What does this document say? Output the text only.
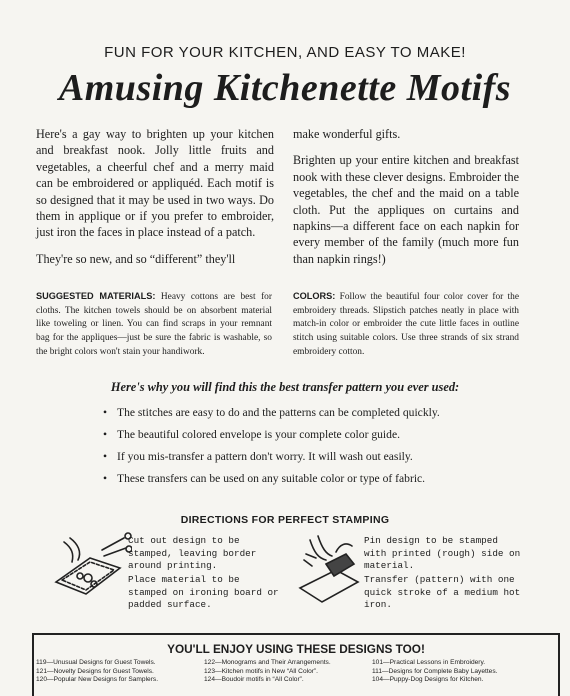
FUN FOR YOUR KITCHEN, AND EASY TO MAKE!
Amusing Kitchenette Motifs

Here's a gay way to brighten up your kitchen and breakfast nook. Jolly little fruits and vegetables, a cheerful chef and a merry maid can be embroidered or appliquéd. Each motif is so designed that it may be used in two ways. Do them in applique or if you prefer to embroider, just iron the faces in place instead of a patch.

They're so new, and so “different” they'll

make wonderful gifts.

Brighten up your entire kitchen and breakfast nook with these clever designs. Embroider the vegetables, the chef and the maid on a table cloth. Put the appliques on curtains and napkins—a different face on each napkin for every member of the family (much more fun than napkin rings!)

SUGGESTED MATERIALS: Heavy cottons are best for cloths. The kitchen towels should be on absorbent material like toweling or linen. You can find scraps in your remnant bag for the appliques—just be sure the fabric is washable, so the bright colors won't stain your handiwork.
COLORS: Follow the beautiful four color cover for the embroidery threads. Slipstich patches neatly in place with match-in color or embroider the cute little faces in outline stitch using suitable colors. Use three strands of six strand embroidery cotton.
Here's why you will find this the best transfer pattern you ever used:
• The stitches are easy to do and the patterns can be completed quickly.
• The beautiful colored envelope is your complete color guide.
• If you mis-transfer a pattern don't worry. It will wash out easily.
• These transfers can be used on any suitable color or type of fabric.
DIRECTIONS FOR PERFECT STAMPING
Cut out design to be stamped, leaving border around printing.
Place material to be stamped on ironing board or padded surface.
Pin design to be stamped with printed (rough) side on material.
Transfer (pattern) with one quick stroke of a medium hot iron.
YOU'LL ENJOY USING THESE DESIGNS TOO!
119—Unusual Designs for Guest Towels.
121—Novelty Designs for Guest Towels.
120—Popular New Designs for Samplers.
122—Monograms and Their Arrangements.
123—Kitchen motifs in New “All Color”.
124—Boudoir motifs in “All Color”.
101—Practical Lessons in Embroidery.
111—Designs for Complete Baby Layettes.
104—Puppy-Dog Designs for Kitchen.
